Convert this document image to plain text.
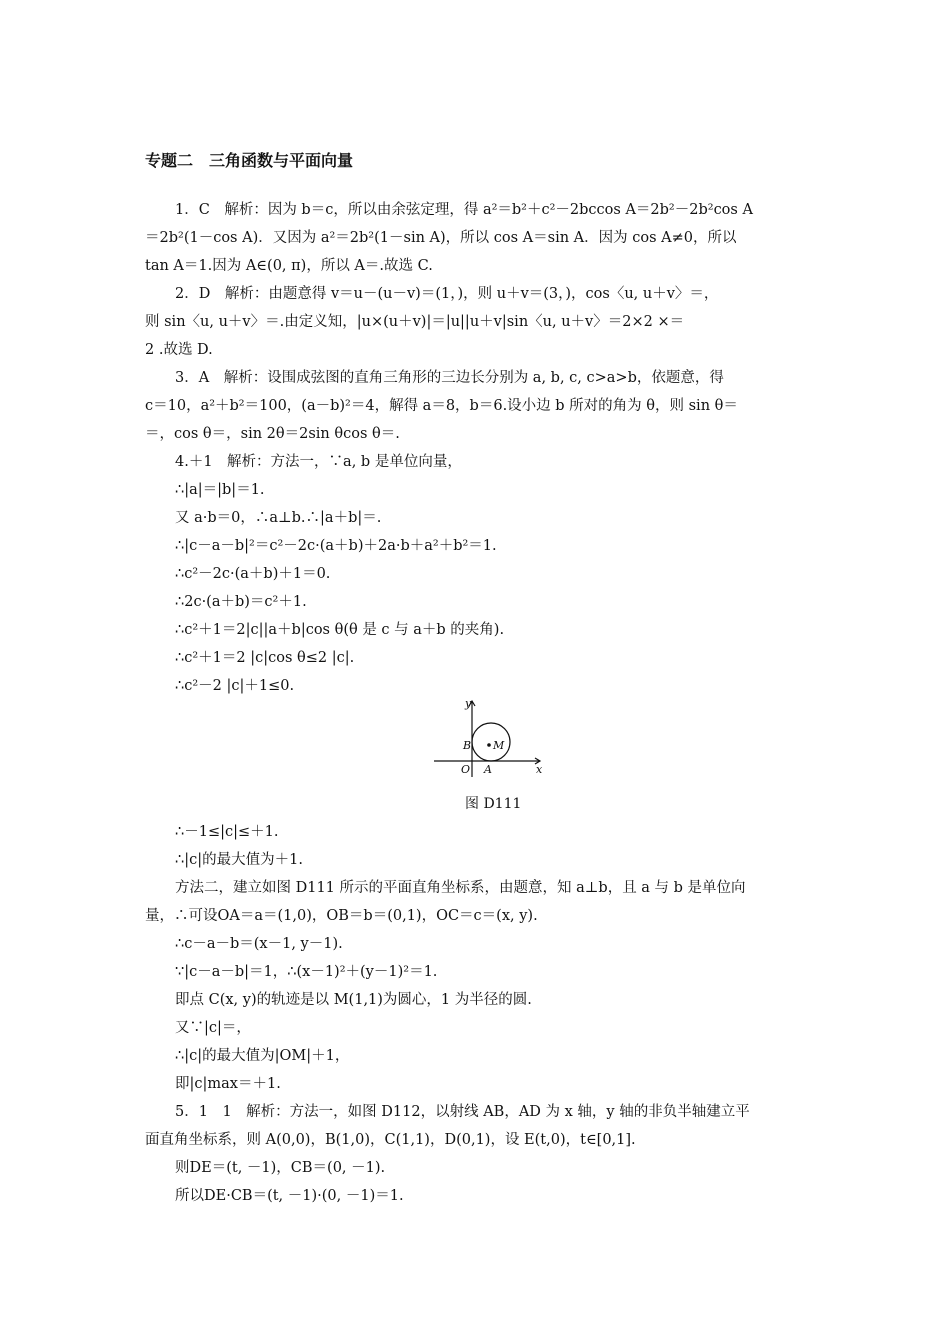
专题二　三角函数与平面向量
1．C　解析：因为 b＝c，所以由余弦定理，得 a²＝b²＋c²－2bccos A＝2b²－2b²cos A
＝2b²(1－cos A)．又因为 a²＝2b²(1－sin A)，所以 cos A＝sin A．因为 cos A≠0，所以
tan A＝1.因为 A∈(0, π)，所以 A＝.故选 C.
2．D　解析：由题意得 v＝u－(u－v)＝(1，)，则 u＋v＝(3，)，cos〈u, u＋v〉＝，
则 sin〈u, u＋v〉＝.由定义知，|u×(u＋v)|＝|u||u＋v|sin〈u, u＋v〉＝2×2 ×＝
2 .故选 D.
3．A　解析：设围成弦图的直角三角形的三边长分别为 a, b, c, c>a>b，依题意，得
c＝10，a²＋b²＝100，(a－b)²＝4，解得 a＝8，b＝6.设小边 b 所对的角为 θ，则 sin θ＝
＝，cos θ＝，sin 2θ＝2sin θcos θ＝.
4.＋1　解析：方法一，∵a, b 是单位向量，
∴|a|＝|b|＝1.
又 a·b＝0，∴a⊥b.∴|a＋b|＝.
∴|c－a－b|²＝c²－2c·(a＋b)＋2a·b＋a²＋b²＝1.
∴c²－2c·(a＋b)＋1＝0.
∴2c·(a＋b)＝c²＋1.
∴c²＋1＝2|c||a＋b|cos θ(θ 是 c 与 a＋b 的夹角).
∴c²＋1＝2 |c|cos θ≤2 |c|.
∴c²－2 |c|＋1≤0.
y
x
O A
B M
图 D111
∴－1≤|c|≤＋1.
∴|c|的最大值为＋1.
方法二，建立如图 D111 所示的平面直角坐标系，由题意，知 a⊥b，且 a 与 b 是单位向
量，∴可设OA＝a＝(1,0)，OB＝b＝(0,1)，OC＝c＝(x, y).
∴c－a－b＝(x－1, y－1).
∵|c－a－b|＝1，∴(x－1)²＋(y－1)²＝1.
即点 C(x, y)的轨迹是以 M(1,1)为圆心，1 为半径的圆.
又∵|c|＝，
∴|c|的最大值为|OM|＋1，
即|c|max＝＋1.
5．1　1　解析：方法一，如图 D112，以射线 AB，AD 为 x 轴，y 轴的非负半轴建立平
面直角坐标系，则 A(0,0)，B(1,0)，C(1,1)，D(0,1)，设 E(t,0)，t∈[0,1].
则DE＝(t, －1)，CB＝(0, －1).
所以DE·CB＝(t, －1)·(0, －1)＝1.
